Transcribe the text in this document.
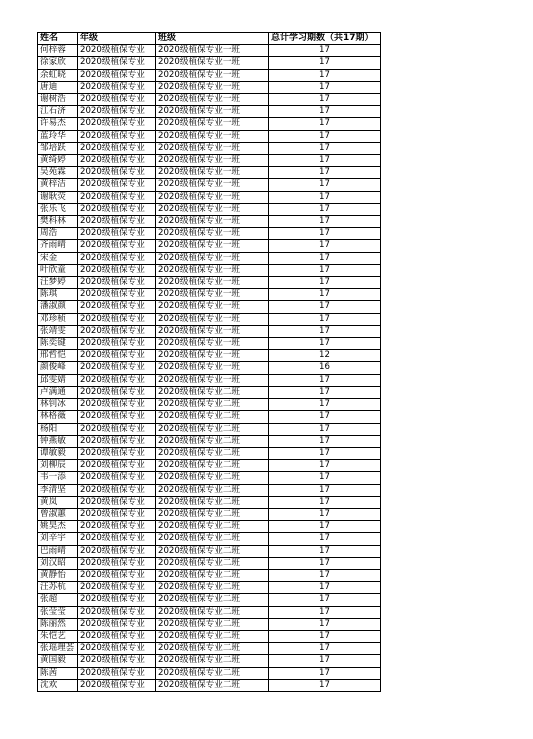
姓名	年级	班级	总计学习期数（共17期）
何梓蓉	2020级植保专业	2020级植保专业一班	17
徐家欣	2020级植保专业	2020级植保专业一班	17
余虹晓	2020级植保专业	2020级植保专业一班	17
唐迪	2020级植保专业	2020级植保专业一班	17
谢树浩	2020级植保专业	2020级植保专业一班	17
江石济	2020级植保专业	2020级植保专业一班	17
许易杰	2020级植保专业	2020级植保专业一班	17
蓝玲华	2020级植保专业	2020级植保专业一班	17
邹培跃	2020级植保专业	2020级植保专业一班	17
黄绮婷	2020级植保专业	2020级植保专业一班	17
吴苑霖	2020级植保专业	2020级植保专业一班	17
黄梓洁	2020级植保专业	2020级植保专业一班	17
谢耿荧	2020级植保专业	2020级植保专业一班	17
张乐飞	2020级植保专业	2020级植保专业一班	17
樊科林	2020级植保专业	2020级植保专业一班	17
周浩	2020级植保专业	2020级植保专业一班	17
齐雨晴	2020级植保专业	2020级植保专业一班	17
宋金	2020级植保专业	2020级植保专业一班	17
叶欣童	2020级植保专业	2020级植保专业一班	17
汪梦婷	2020级植保专业	2020级植保专业一班	17
陈琪	2020级植保专业	2020级植保专业一班	17
潘淑颜	2020级植保专业	2020级植保专业一班	17
邓珍桢	2020级植保专业	2020级植保专业一班	17
张靖雯	2020级植保专业	2020级植保专业一班	17
陈奕键	2020级植保专业	2020级植保专业一班	17
邢哲恺	2020级植保专业	2020级植保专业一班	12
颜俊峰	2020级植保专业	2020级植保专业一班	16
邱雯婧	2020级植保专业	2020级植保专业一班	17
卢满通	2020级植保专业	2020级植保专业二班	17
林钊冰	2020级植保专业	2020级植保专业二班	17
林格薇	2020级植保专业	2020级植保专业二班	17
杨阳	2020级植保专业	2020级植保专业二班	17
钟燕敏	2020级植保专业	2020级植保专业二班	17
谭敏毅	2020级植保专业	2020级植保专业二班	17
刘柳辰	2020级植保专业	2020级植保专业二班	17
韦一添	2020级植保专业	2020级植保专业二班	17
李清坚	2020级植保专业	2020级植保专业二班	17
黄岚	2020级植保专业	2020级植保专业二班	17
曾淑蕙	2020级植保专业	2020级植保专业二班	17
姚昊杰	2020级植保专业	2020级植保专业二班	17
刘辛宇	2020级植保专业	2020级植保专业二班	17
巴雨晴	2020级植保专业	2020级植保专业二班	17
刘汉昭	2020级植保专业	2020级植保专业二班	17
黄静怡	2020级植保专业	2020级植保专业二班	17
汪苏杭	2020级植保专业	2020级植保专业二班	17
张超	2020级植保专业	2020级植保专业二班	17
张莹莹	2020级植保专业	2020级植保专业二班	17
陈丽然	2020级植保专业	2020级植保专业二班	17
朱恺艺	2020级植保专业	2020级植保专业二班	17
张瑶理荟	2020级植保专业	2020级植保专业二班	17
黄国毅	2020级植保专业	2020级植保专业二班	17
陈茜	2020级植保专业	2020级植保专业二班	17
沈欢	2020级植保专业	2020级植保专业二班	17
